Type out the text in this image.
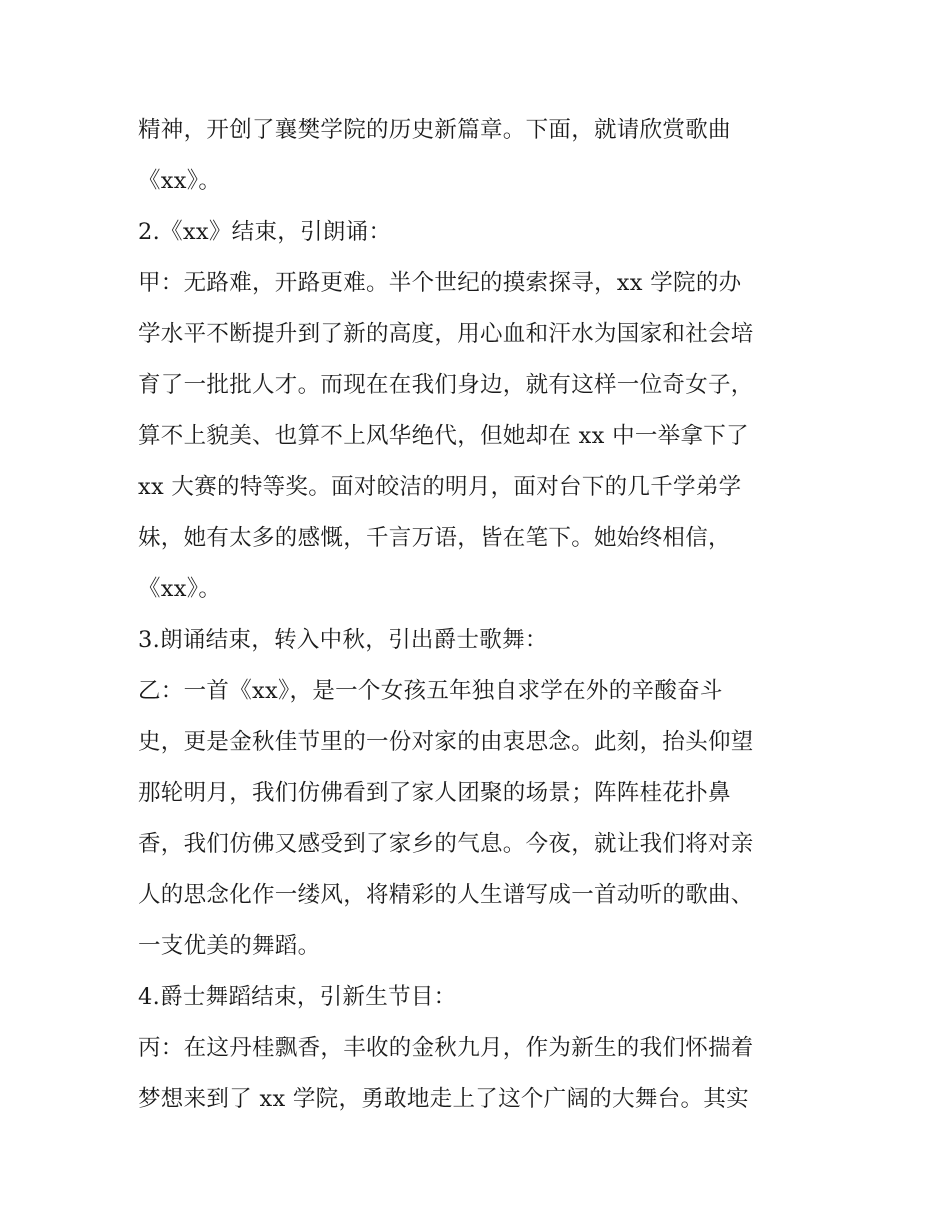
精神，开创了襄樊学院的历史新篇章。下面，就请欣赏歌曲
《xx》。
2.《xx》结束，引朗诵：
甲：无路难，开路更难。半个世纪的摸索探寻，xx 学院的办
学水平不断提升到了新的高度，用心血和汗水为国家和社会培
育了一批批人才。而现在在我们身边，就有这样一位奇女子，
算不上貌美、也算不上风华绝代，但她却在 xx 中一举拿下了
xx 大赛的特等奖。面对皎洁的明月，面对台下的几千学弟学
妹，她有太多的感慨，千言万语，皆在笔下。她始终相信，
《xx》。
3.朗诵结束，转入中秋，引出爵士歌舞：
乙：一首《xx》，是一个女孩五年独自求学在外的辛酸奋斗
史，更是金秋佳节里的一份对家的由衷思念。此刻，抬头仰望
那轮明月，我们仿佛看到了家人团聚的场景；阵阵桂花扑鼻
香，我们仿佛又感受到了家乡的气息。今夜，就让我们将对亲
人的思念化作一缕风，将精彩的人生谱写成一首动听的歌曲、
一支优美的舞蹈。
4.爵士舞蹈结束，引新生节目：
丙：在这丹桂飘香，丰收的金秋九月，作为新生的我们怀揣着
梦想来到了 xx 学院，勇敢地走上了这个广阔的大舞台。其实
